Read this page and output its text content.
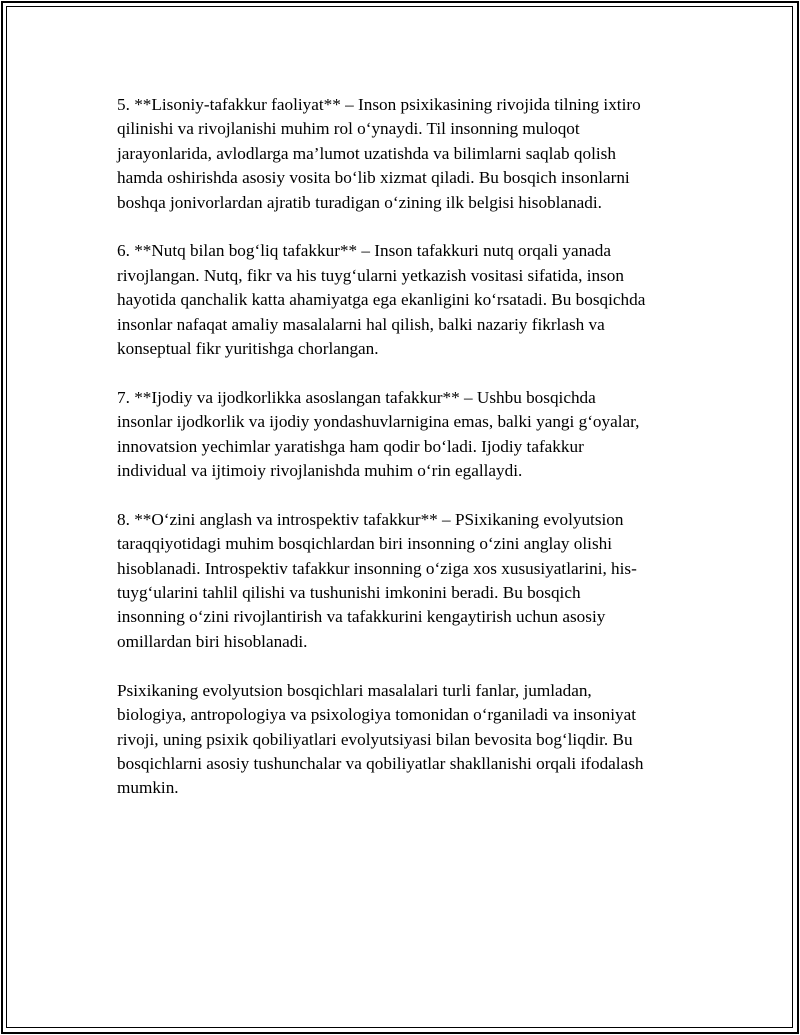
5. **Lisoniy-tafakkur faoliyat** – Inson psixikasining rivojida tilning ixtiro
qilinishi va rivojlanishi muhim rol o‘ynaydi. Til insonning muloqot
jarayonlarida, avlodlarga ma’lumot uzatishda va bilimlarni saqlab qolish
hamda oshirishda asosiy vosita bo‘lib xizmat qiladi. Bu bosqich insonlarni
boshqa jonivorlardan ajratib turadigan o‘zining ilk belgisi hisoblanadi.

6. **Nutq bilan bog‘liq tafakkur** – Inson tafakkuri nutq orqali yanada
rivojlangan. Nutq, fikr va his tuyg‘ularni yetkazish vositasi sifatida, inson
hayotida qanchalik katta ahamiyatga ega ekanligini ko‘rsatadi. Bu bosqichda
insonlar nafaqat amaliy masalalarni hal qilish, balki nazariy fikrlash va
konseptual fikr yuritishga chorlangan.

7. **Ijodiy va ijodkorlikka asoslangan tafakkur** – Ushbu bosqichda
insonlar ijodkorlik va ijodiy yondashuvlarnigina emas, balki yangi g‘oyalar,
innovatsion yechimlar yaratishga ham qodir bo‘ladi. Ijodiy tafakkur
individual va ijtimoiy rivojlanishda muhim o‘rin egallaydi.

8. **O‘zini anglash va introspektiv tafakkur** – PSixikaning evolyutsion
taraqqiyotidagi muhim bosqichlardan biri insonning o‘zini anglay olishi
hisoblanadi. Introspektiv tafakkur insonning o‘ziga xos xususiyatlarini, his-
tuyg‘ularini tahlil qilishi va tushunishi imkonini beradi. Bu bosqich
insonning o‘zini rivojlantirish va tafakkurini kengaytirish uchun asosiy
omillardan biri hisoblanadi.

Psixikaning evolyutsion bosqichlari masalalari turli fanlar, jumladan,
biologiya, antropologiya va psixologiya tomonidan o‘rganiladi va insoniyat
rivoji, uning psixik qobiliyatlari evolyutsiyasi bilan bevosita bog‘liqdir. Bu
bosqichlarni asosiy tushunchalar va qobiliyatlar shakllanishi orqali ifodalash
mumkin.
